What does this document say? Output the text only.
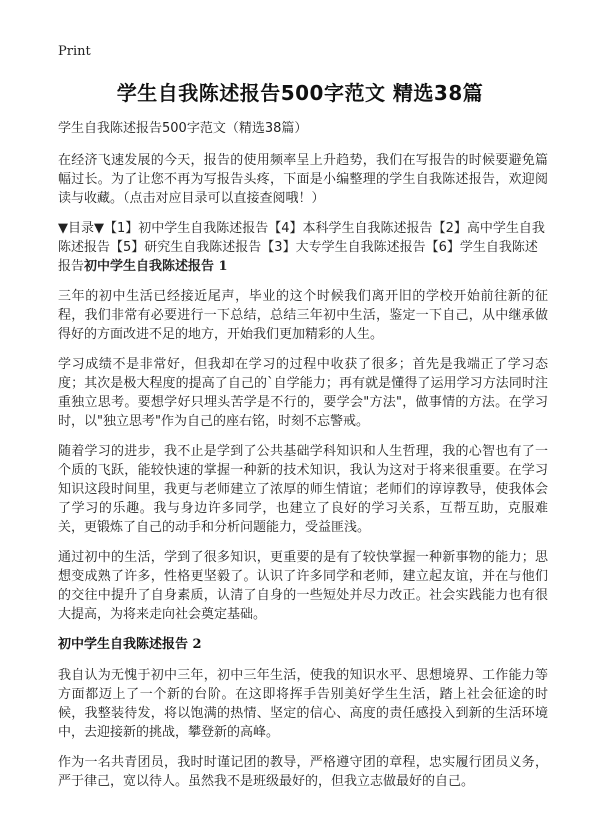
Print
学生自我陈述报告500字范文 精选38篇
学生自我陈述报告500字范文（精选38篇）

在经济飞速发展的今天，报告的使用频率呈上升趋势，我们在写报告的时候要避免篇幅过长。为了让您不再为写报告头疼，下面是小编整理的学生自我陈述报告，欢迎阅读与收藏。（点击对应目录可以直接查阅哦！）

▼目录▼【1】初中学生自我陈述报告【4】本科学生自我陈述报告【2】高中学生自我陈述报告【5】研究生自我陈述报告【3】大专学生自我陈述报告【6】学生自我陈述报告初中学生自我陈述报告 1

三年的初中生活已经接近尾声，毕业的这个时候我们离开旧的学校开始前往新的征程，我们非常有必要进行一下总结，总结三年初中生活，鉴定一下自己，从中继承做得好的方面改进不足的地方，开始我们更加精彩的人生。

学习成绩不是非常好，但我却在学习的过程中收获了很多；首先是我端正了学习态度；其次是极大程度的提高了自己的`自学能力；再有就是懂得了运用学习方法同时注重独立思考。要想学好只埋头苦学是不行的，要学会"方法"，做事情的方法。在学习时，以"独立思考"作为自己的座右铭，时刻不忘警戒。

随着学习的进步，我不止是学到了公共基础学科知识和人生哲理，我的心智也有了一个质的飞跃，能较快速的掌握一种新的技术知识，我认为这对于将来很重要。在学习知识这段时间里，我更与老师建立了浓厚的师生情谊；老师们的谆谆教导，使我体会了学习的乐趣。我与身边许多同学，也建立了良好的学习关系，互帮互助，克服难关，更锻炼了自己的动手和分析问题能力，受益匪浅。

通过初中的生活，学到了很多知识，更重要的是有了较快掌握一种新事物的能力；思想变成熟了许多，性格更坚毅了。认识了许多同学和老师，建立起友谊，并在与他们的交往中提升了自身素质，认清了自身的一些短处并尽力改正。社会实践能力也有很大提高，为将来走向社会奠定基础。

初中学生自我陈述报告 2

我自认为无愧于初中三年，初中三年生活，使我的知识水平、思想境界、工作能力等方面都迈上了一个新的台阶。在这即将挥手告别美好学生生活，踏上社会征途的时候，我整装待发，将以饱满的热情、坚定的信心、高度的责任感投入到新的生活环境中，去迎接新的挑战，攀登新的高峰。

作为一名共青团员，我时时谨记团的教导，严格遵守团的章程，忠实履行团员义务，严于律己，宽以待人。虽然我不是班级最好的，但我立志做最好的自己。
